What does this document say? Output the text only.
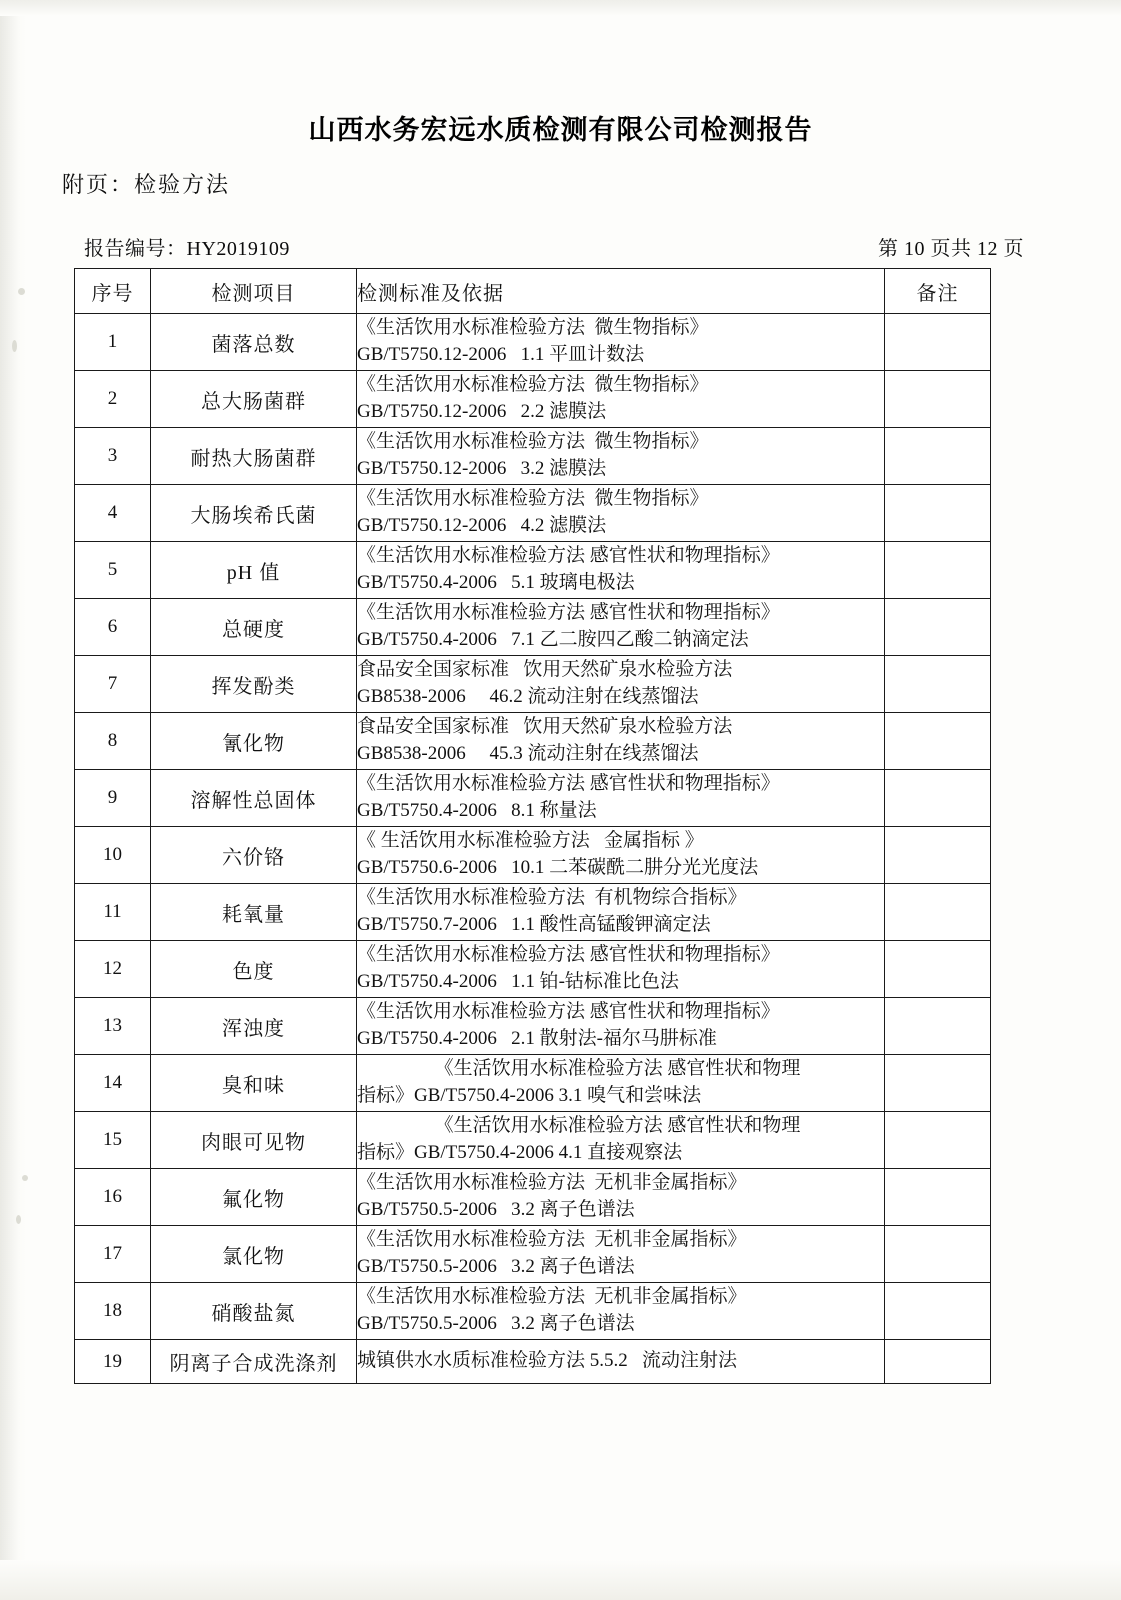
山西水务宏远水质检测有限公司检测报告
附页：检验方法
报告编号：HY2019109	第 10 页共 12 页
序号	检测项目	检测标准及依据	备注
1	菌落总数	《生活饮用水标准检验方法  微生物指标》
GB/T5750.12-2006   1.1 平皿计数法	

2	总大肠菌群	《生活饮用水标准检验方法  微生物指标》
GB/T5750.12-2006   2.2 滤膜法	

3	耐热大肠菌群	《生活饮用水标准检验方法  微生物指标》
GB/T5750.12-2006   3.2 滤膜法	

4	大肠埃希氏菌	《生活饮用水标准检验方法  微生物指标》
GB/T5750.12-2006   4.2 滤膜法	

5	pH 值	《生活饮用水标准检验方法 感官性状和物理指标》
GB/T5750.4-2006   5.1 玻璃电极法	

6	总硬度	《生活饮用水标准检验方法 感官性状和物理指标》
GB/T5750.4-2006   7.1 乙二胺四乙酸二钠滴定法	

7	挥发酚类	食品安全国家标准   饮用天然矿泉水检验方法
GB8538-2006     46.2 流动注射在线蒸馏法	

8	氰化物	食品安全国家标准   饮用天然矿泉水检验方法
GB8538-2006     45.3 流动注射在线蒸馏法	

9	溶解性总固体	《生活饮用水标准检验方法 感官性状和物理指标》
GB/T5750.4-2006   8.1 称量法	

10	六价铬	《 生活饮用水标准检验方法   金属指标 》
GB/T5750.6-2006   10.1 二苯碳酰二肼分光光度法	

11	耗氧量	《生活饮用水标准检验方法  有机物综合指标》
GB/T5750.7-2006   1.1 酸性高锰酸钾滴定法	

12	色度	《生活饮用水标准检验方法 感官性状和物理指标》
GB/T5750.4-2006   1.1 铂-钴标准比色法	

13	浑浊度	《生活饮用水标准检验方法 感官性状和物理指标》
GB/T5750.4-2006   2.1 散射法-福尔马肼标准	

14	臭和味	《生活饮用水标准检验方法 感官性状和物理
指标》GB/T5750.4-2006 3.1 嗅气和尝味法	

15	肉眼可见物	《生活饮用水标准检验方法 感官性状和物理
指标》GB/T5750.4-2006 4.1 直接观察法	

16	氟化物	《生活饮用水标准检验方法  无机非金属指标》
GB/T5750.5-2006   3.2 离子色谱法	

17	氯化物	《生活饮用水标准检验方法  无机非金属指标》
GB/T5750.5-2006   3.2 离子色谱法	

18	硝酸盐氮	《生活饮用水标准检验方法  无机非金属指标》
GB/T5750.5-2006   3.2 离子色谱法	

19	阴离子合成洗涤剂	城镇供水水质标准检验方法 5.5.2   流动注射法	
